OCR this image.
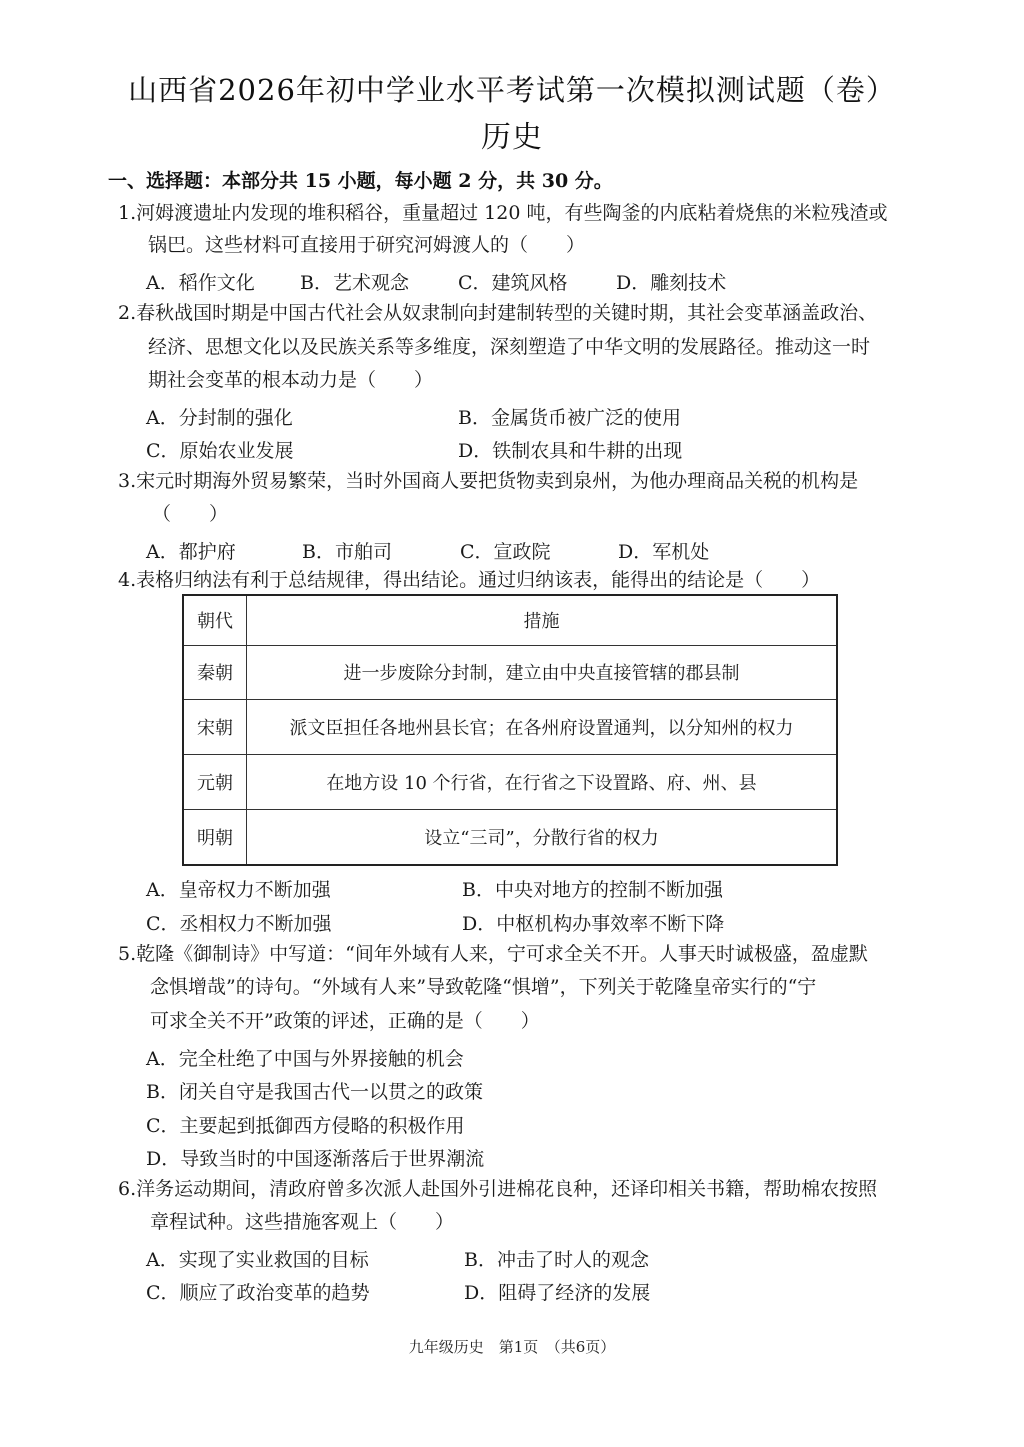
山西省2026年初中学业水平考试第一次模拟测试题（卷）
历史
一、选择题：本部分共 15 小题，每小题 2 分，共 30 分。
1.河姆渡遗址内发现的堆积稻谷，重量超过 120 吨，有些陶釜的内底粘着烧焦的米粒残渣或
锅巴。这些材料可直接用于研究河姆渡人的（　　）
A．稻作文化 B．艺术观念	C．建筑风格	D．雕刻技术
2.春秋战国时期是中国古代社会从奴隶制向封建制转型的关键时期，其社会变革涵盖政治、
经济、思想文化以及民族关系等多维度，深刻塑造了中华文明的发展路径。推动这一时
期社会变革的根本动力是（　　）
A．分封制的强化	B．金属货币被广泛的使用
C．原始农业发展	D．铁制农具和牛耕的出现
3.宋元时期海外贸易繁荣，当时外国商人要把货物卖到泉州，为他办理商品关税的机构是
（　　）
A．都护府	B．市舶司	C．宣政院	D．军机处
4.表格归纳法有利于总结规律，得出结论。通过归纳该表，能得出的结论是（　　）
朝代	措施
秦朝	进一步废除分封制，建立由中央直接管辖的郡县制
宋朝	派文臣担任各地州县长官；在各州府设置通判，以分知州的权力
元朝	在地方设 10 个行省，在行省之下设置路、府、州、县
明朝	设立“三司”，分散行省的权力
A．皇帝权力不断加强	B．中央对地方的控制不断加强
C．丞相权力不断加强	D．中枢机构办事效率不断下降
5.乾隆《御制诗》中写道：“间年外域有人来，宁可求全关不开。人事天时诚极盛，盈虚默
念惧增哉”的诗句。“外域有人来”导致乾隆“惧增”，下列关于乾隆皇帝实行的“宁
可求全关不开”政策的评述，正确的是（　　）
A．完全杜绝了中国与外界接触的机会
B．闭关自守是我国古代一以贯之的政策
C．主要起到抵御西方侵略的积极作用
D．导致当时的中国逐渐落后于世界潮流
6.洋务运动期间，清政府曾多次派人赴国外引进棉花良种，还译印相关书籍，帮助棉农按照
章程试种。这些措施客观上（　　）
A．实现了实业救国的目标	B．冲击了时人的观念
C．顺应了政治变革的趋势	D．阻碍了经济的发展
九年级历史　第1页　（共6页）
